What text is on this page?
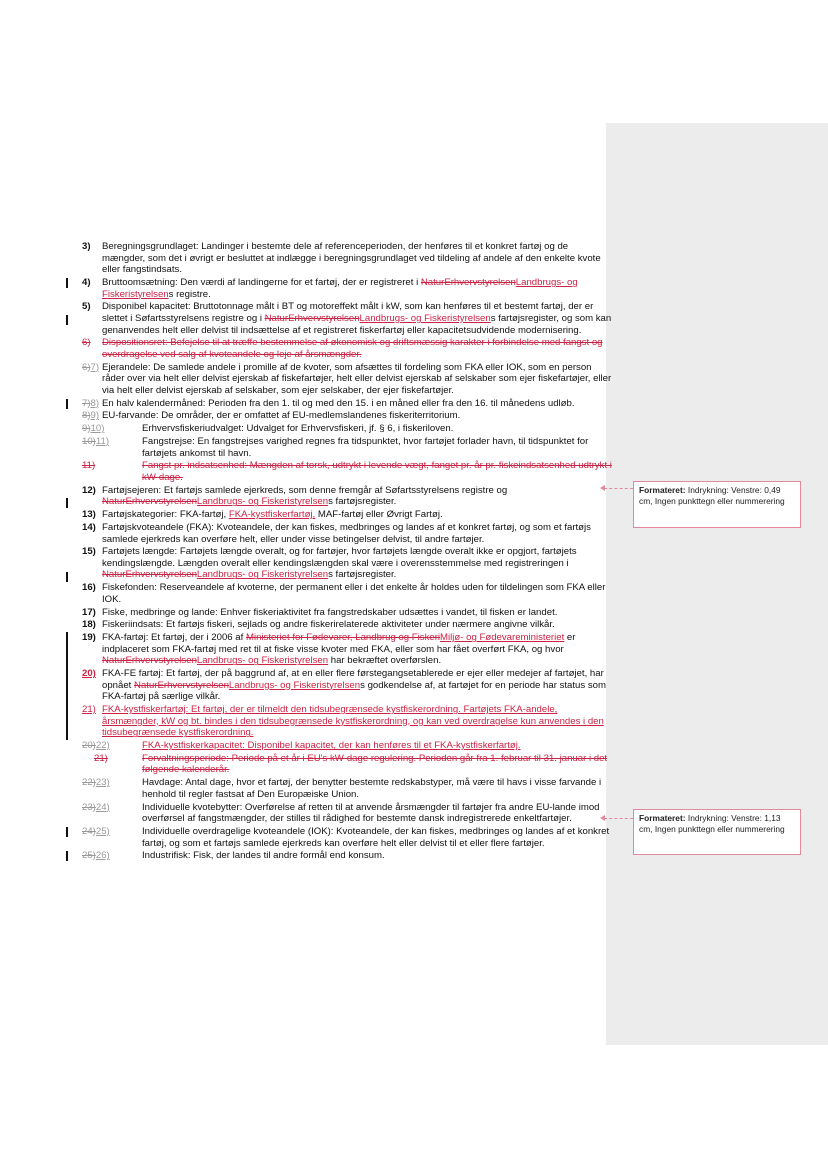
3)	Beregningsgrundlaget: Landinger i bestemte dele af referenceperioden, der henføres til et konkret fartøj og de mængder, som det i øvrigt er besluttet at indlægge i beregningsgrundlaget ved tildeling af andele af den enkelte kvote eller fangstindsats.
4)	Bruttoomsætning: Den værdi af landingerne for et fartøj, der er registreret i NaturErhvervstyrelsenLandbrugs- og Fiskeristyrelsens registre.
5)	Disponibel kapacitet: Bruttotonnage målt i BT og motoreffekt målt i kW, som kan henføres til et bestemt fartøj, der er slettet i Søfartsstyrelsens registre og i NaturErhvervstyrelsenLandbrugs- og Fiskeristyrelsens fartøjsregister, og som kan genanvendes helt eller delvist til indsættelse af et registreret fiskerfartøj eller kapacitetsudvidende modernisering.
6)	Dispositionsret: Befejelse til at træffe bestemmelse af økonomisk og driftsmæssig karakter i forbindelse med fangst og overdragelse ved salg af kvoteandele og leje af årsmængder.
6)7) Ejerandele: De samlede andele i promille af de kvoter, som afsættes til fordeling som FKA eller IOK, som en person råder over via helt eller delvist ejerskab af fiskefartøjer, helt eller delvist ejerskab af selskaber som ejer fiskefartøjer, eller via helt eller delvist ejerskab af selskaber, som ejer selskaber, der ejer fiskefartøjer.
7)8) En halv kalendermåned: Perioden fra den 1. til og med den 15. i en måned eller fra den 16. til månedens udløb.
8)9) EU-farvande: De områder, der er omfattet af EU-medlemslandenes fiskeriterritorium.
9)10)	Erhvervsfiskeriudvalget: Udvalget for Erhvervsfiskeri, jf. § 6, i fiskeriloven.
10)11)	Fangstrejse: En fangstrejses varighed regnes fra tidspunktet, hvor fartøjet forlader havn, til tidspunktet for fartøjets ankomst til havn.
11)	Fangst pr. indsatsenhed: Mængden af torsk, udtrykt i levende vægt, fanget pr. år pr. fiskeindsatsenhed udtrykt i kW-dage.
12) Fartøjsejeren: Et fartøjs samlede ejerkreds, som denne fremgår af Søfartsstyrelsens registre og NaturErhvervstyrelsenLandbrugs- og Fiskeristyrelsens fartøjsregister.
13) Fartøjskategorier: FKA-fartøj, FKA-kystfiskerfartøj, MAF-fartøj eller Øvrigt Fartøj.
14) Fartøjskvoteandele (FKA): Kvoteandele, der kan fiskes, medbringes og landes af et konkret fartøj, og som et fartøjs samlede ejerkreds kan overføre helt, eller under visse betingelser delvist, til andre fartøjer.
15) Fartøjets længde: Fartøjets længde overalt, og for fartøjer, hvor fartøjets længde overalt ikke er opgjort, fartøjets kendingslængde. Længden overalt eller kendingslængden skal være i overensstemmelse med registreringen i NaturErhvervstyrelsenLandbrugs- og Fiskeristyrelsens fartøjsregister.
16) Fiskefonden: Reserveandele af kvoterne, der permanent eller i det enkelte år holdes uden for tildelingen som FKA eller IOK.
17) Fiske, medbringe og lande: Enhver fiskeriaktivitet fra fangstredskaber udsættes i vandet, til fisken er landet.
18) Fiskeriindsats: Et fartøjs fiskeri, sejlads og andre fiskerirelaterede aktiviteter under nærmere angivne vilkår.
19) FKA-fartøj: Et fartøj, der i 2006 af Ministeriet for Fødevarer, Landbrug og FiskeriMiljø- og Fødevareministeriet er indplaceret som FKA-fartøj med ret til at fiske visse kvoter med FKA, eller som har fået overført FKA, og hvor NaturErhvervstyrelsenLandbrugs- og Fiskeristyrelsen har bekræftet overførslen.
20) FKA-FE fartøj: Et fartøj, der på baggrund af, at en eller flere førstegangsetablerede er ejer eller medejer af fartøjet, har opnået NaturErhvervstyrelsenLandbrugs- og Fiskeristyrelsens godkendelse af, at fartøjet for en periode har status som FKA-fartøj på særlige vilkår.
21) FKA-kystfiskerfartøj: Et fartøj, der er tilmeldt den tidsubegrænsede kystfiskerordning. Fartøjets FKA-andele, årsmængder, kW og bt. bindes i den tidsubegrænsede kystfiskerordning, og kan ved overdragelse kun anvendes i den tidsubegrænsede kystfiskerordning.
20)22)	FKA-kystfiskerkapacitet: Disponibel kapacitet, der kan henføres til et FKA-kystfiskerfartøj.
21)	Forvaltningsperiode: Periode på et år i EU's kW-dage regulering. Perioden går fra 1. februar til 31. januar i det følgende kalenderår.
22)23)	Havdage: Antal dage, hvor et fartøj, der benytter bestemte redskabstyper, må være til havs i visse farvande i henhold til regler fastsat af Den Europæiske Union.
23)24)	Individuelle kvotebytter: Overførelse af retten til at anvende årsmængder til fartøjer fra andre EU-lande imod overførsel af fangstmængder, der stilles til rådighed for bestemte dansk indregistrerede enkeltfartøjer.
24)25)	Individuelle overdragelige kvoteandele (IOK): Kvoteandele, der kan fiskes, medbringes og landes af et konkret fartøj, og som et fartøjs samlede ejerkreds kan overføre helt eller delvist til et eller flere fartøjer.
25)26)	Industrifisk: Fisk, der landes til andre formål end konsum.
Formateret: Indrykning: Venstre: 0,49 cm, Ingen punkttegn eller nummerering
Formateret: Indrykning: Venstre: 1,13 cm, Ingen punkttegn eller nummerering
